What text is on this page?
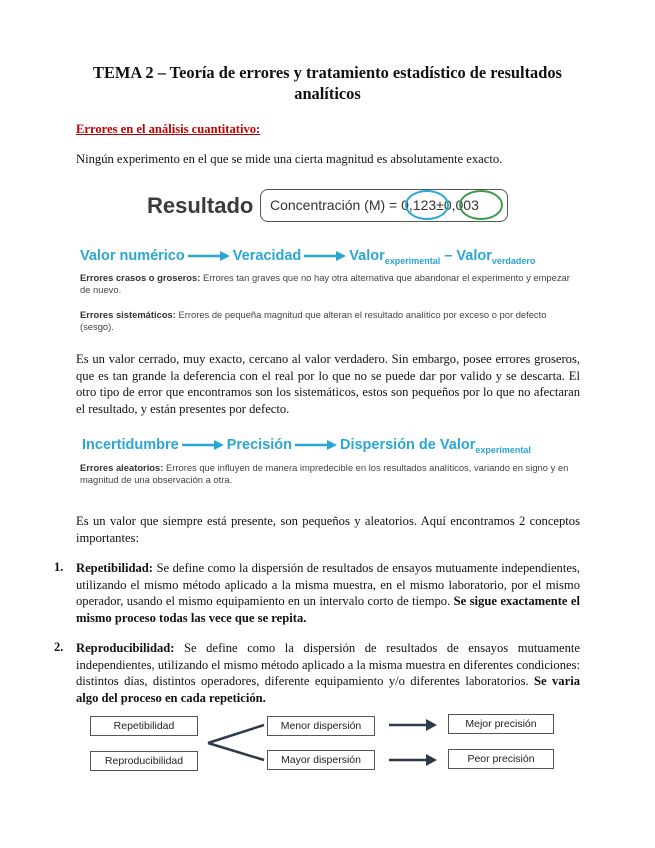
TEMA 2 – Teoría de errores y tratamiento estadístico de resultados
analíticos
Errores en el análisis cuantitativo:
Ningún experimento en el que se mide una cierta magnitud es absolutamente exacto.
Resultado Concentración (M) = 0,123±0,003
Valor numérico	Veracidad	Valor$_{experimental}$ – Valor$_{verdadero}$
Errores crasos o groseros: Errores tan graves que no hay otra alternativa que abandonar el experimento y empezar de nuevo.
Errores sistemáticos: Errores de pequeña magnitud que alteran el resultado analítico por exceso o por defecto (sesgo).
Es un valor cerrado, muy exacto, cercano al valor verdadero. Sin embargo, posee errores groseros, que es tan grande la deferencia con el real por lo que no se puede dar por valido y se descarta. El otro tipo de error que encontramos son los sistemáticos, estos son pequeños por lo que no afectaran el resultado, y están presentes por defecto.
Incertidumbre	Precisión	Dispersión de Valor$_{experimental}$
Errores aleatorios: Errores que influyen de manera impredecible en los resultados analíticos, variando en signo y en magnitud de una observación a otra.
Es un valor que siempre está presente, son pequeños y aleatorios. Aquí encontramos 2 conceptos importantes:
1. Repetibilidad: Se define como la dispersión de resultados de ensayos mutuamente independientes, utilizando el mismo método aplicado a la misma muestra, en el mismo laboratorio, por el mismo operador, usando el mismo equipamiento en un intervalo corto de tiempo. Se sigue exactamente el mismo proceso todas las vece que se repita.
2. Reproducibilidad: Se define como la dispersión de resultados de ensayos mutuamente independientes, utilizando el mismo método aplicado a la misma muestra en diferentes condiciones: distintos días, distintos operadores, diferente equipamiento y/o diferentes laboratorios. Se varia algo del proceso en cada repetición.
Repetibilidad
Reproducibilidad
Menor dispersión
Mayor dispersión
Mejor precisión
Peor precisión
